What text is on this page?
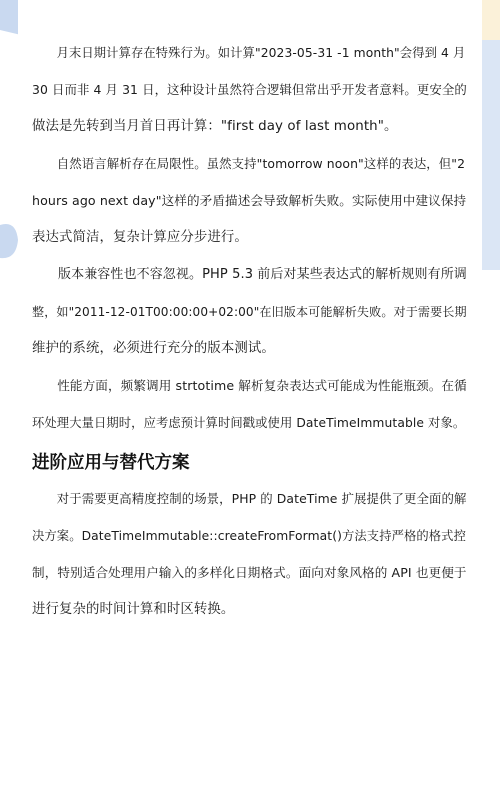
月末日期计算存在特殊行为。如计算"2023-05-31 -1 month"会得到 4 月
30 日而非 4 月 31 日，这种设计虽然符合逻辑但常出乎开发者意料。更安全的
做法是先转到当月首日再计算："first day of last month"。

自然语言解析存在局限性。虽然支持"tomorrow noon"这样的表达，但"2
hours ago next day"这样的矛盾描述会导致解析失败。实际使用中建议保持
表达式简洁，复杂计算应分步进行。

版本兼容性也不容忽视。PHP 5.3 前后对某些表达式的解析规则有所调
整，如"2011-12-01T00:00:00+02:00"在旧版本可能解析失败。对于需要长期
维护的系统，必须进行充分的版本测试。

性能方面，频繁调用 strtotime 解析复杂表达式可能成为性能瓶颈。在循
环处理大量日期时，应考虑预计算时间戳或使用 DateTimeImmutable 对象。

进阶应用与替代方案

对于需要更高精度控制的场景，PHP 的 DateTime 扩展提供了更全面的解
决方案。DateTimeImmutable::createFromFormat()方法支持严格的格式控
制，特别适合处理用户输入的多样化日期格式。面向对象风格的 API 也更便于
进行复杂的时间计算和时区转换。
